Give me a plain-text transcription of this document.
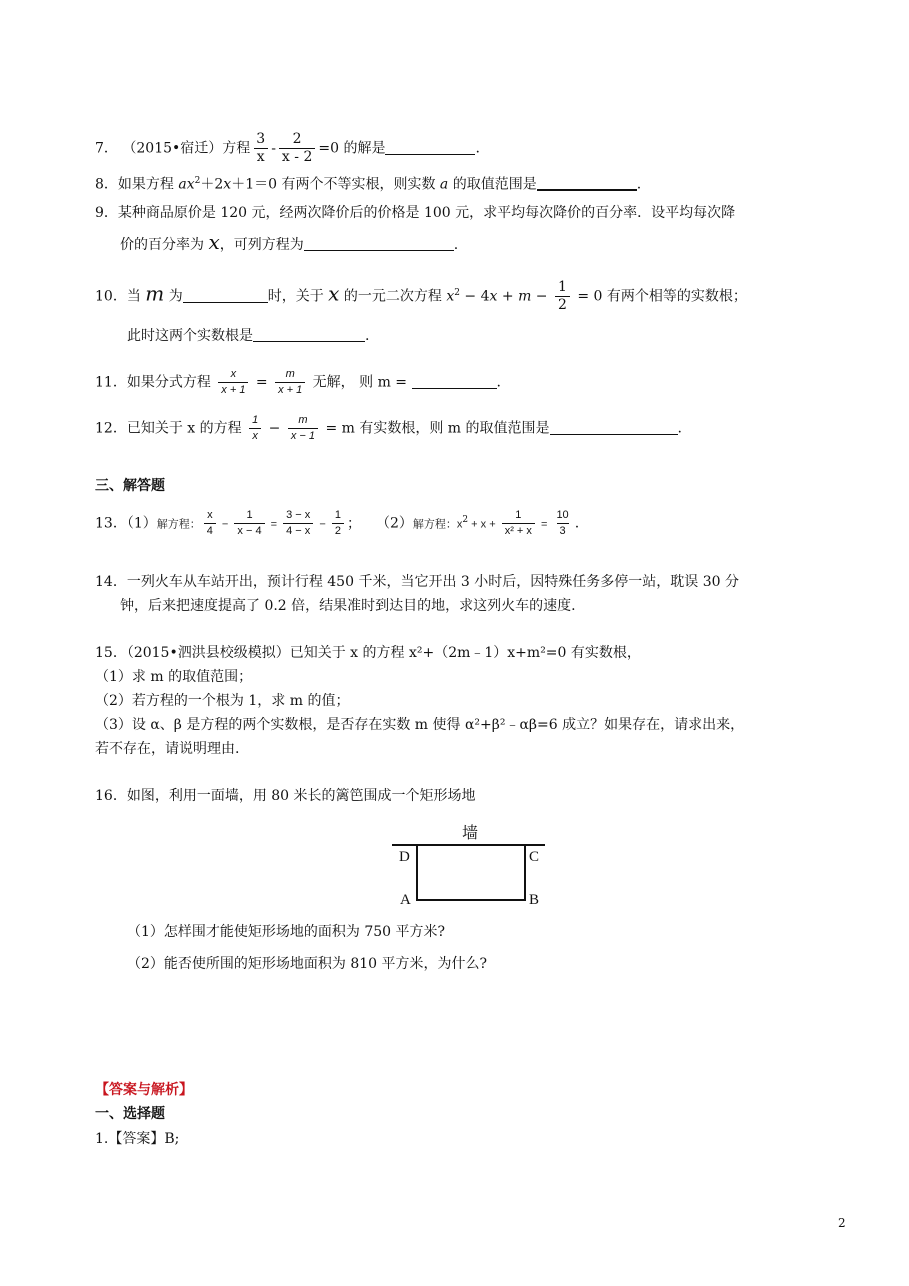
7． （2015•宿迁）方程 $\frac{3}{x} - \frac{2}{x - 2} =0$ 的解是	.
8．如果方程 $ax^2+2x+1=0$ 有两个不等实根，则实数 a 的取值范围是	.
9．某种商品原价是 120 元，经两次降价后的价格是 100 元，求平均每次降价的百分率．设平均每次降
价的百分率为 x，可列方程为	.
10．当 m 为	时，关于 x 的一元二次方程 $x^2 - 4x + m - \frac{1}{2} = 0$ 有两个相等的实数根；
此时这两个实数根是	.
11．如果分式方程 $\frac{x}{x + 1} = \frac{m}{x + 1}$ 无解， 则 m =	.
12．已知关于 x 的方程 $\frac{1}{x} - \frac{m}{x - 1} = m$ 有实数根，则 m 的取值范围是	.
三、解答题
13．（1）解方程： $\frac{x}{4} - \frac{1}{x - 4} = \frac{3 - x}{4 - x} - \frac{1}{2}$ ； （2）解方程：$x^2 + x + \frac{1}{\text{x² + x}} = \frac{10}{3}$ .
14．一列火车从车站开出，预计行程 450 千米，当它开出 3 小时后，因特殊任务多停一站，耽误 30 分
钟，后来把速度提高了 0.2 倍，结果准时到达目的地，求这列火车的速度.
15．（2015•泗洪县校级模拟）已知关于 x 的方程 x²+（2m﹣1）x+m²=0 有实数根，
（1）求 m 的取值范围；
（2）若方程的一个根为 1，求 m 的值；
（3）设 α、β 是方程的两个实数根，是否存在实数 m 使得 α²+β²﹣αβ=6 成立？如果存在，请求出来，
若不存在，请说明理由.
16．如图，利用一面墙，用 80 米长的篱笆围成一个矩形场地
墙
D	C
A	B
（1）怎样围才能使矩形场地的面积为 750 平方米?
（2）能否使所围的矩形场地面积为 810 平方米，为什么?
【答案与解析】
一、选择题
1.【答案】B;
2
